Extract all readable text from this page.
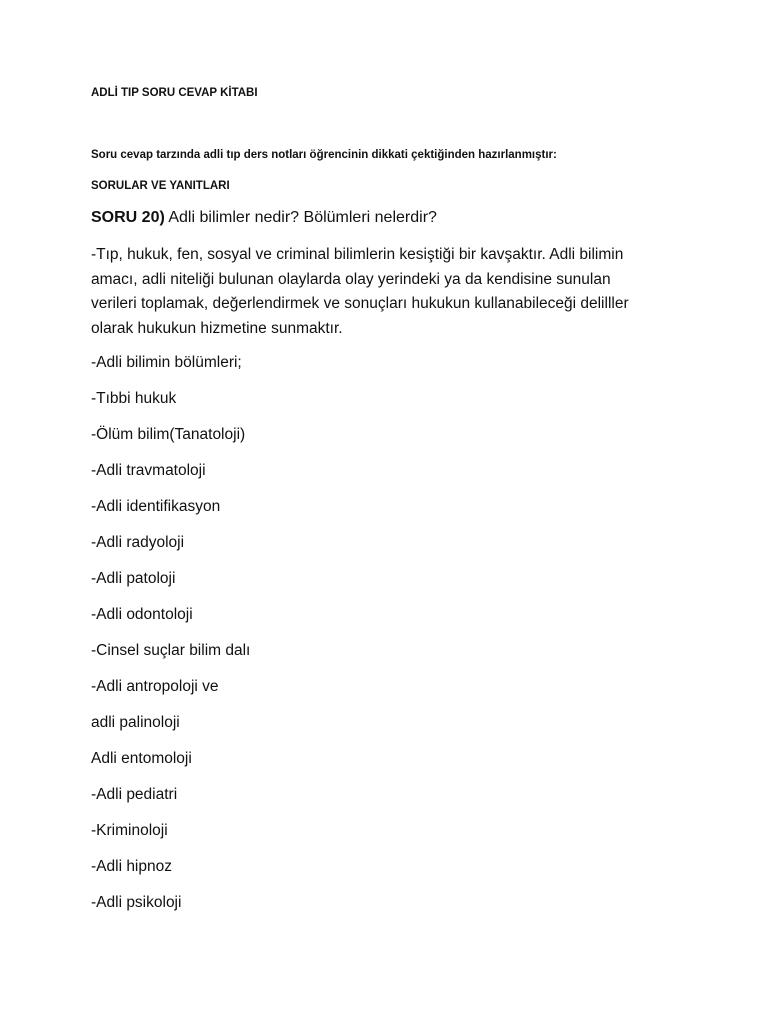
ADLİ TIP SORU CEVAP KİTABI
Soru cevap tarzında adli tıp ders notları öğrencinin dikkati çektiğinden hazırlanmıştır:
SORULAR VE YANITLARI
SORU 20) Adli bilimler nedir? Bölümleri nelerdir?
-Tıp, hukuk, fen, sosyal ve criminal bilimlerin kesiştiği bir kavşaktır. Adli bilimin
amacı, adli niteliği bulunan olaylarda olay yerindeki ya da kendisine sunulan
verileri toplamak, değerlendirmek ve sonuçları hukukun kullanabileceği delilller
olarak hukukun hizmetine sunmaktır.
-Adli bilimin bölümleri;
-Tıbbi hukuk
-Ölüm bilim(Tanatoloji)
-Adli travmatoloji
-Adli identifikasyon
-Adli radyoloji
-Adli patoloji
-Adli odontoloji
-Cinsel suçlar bilim dalı
-Adli antropoloji ve
adli palinoloji
Adli entomoloji
-Adli pediatri
-Kriminoloji
-Adli hipnoz
-Adli psikoloji
